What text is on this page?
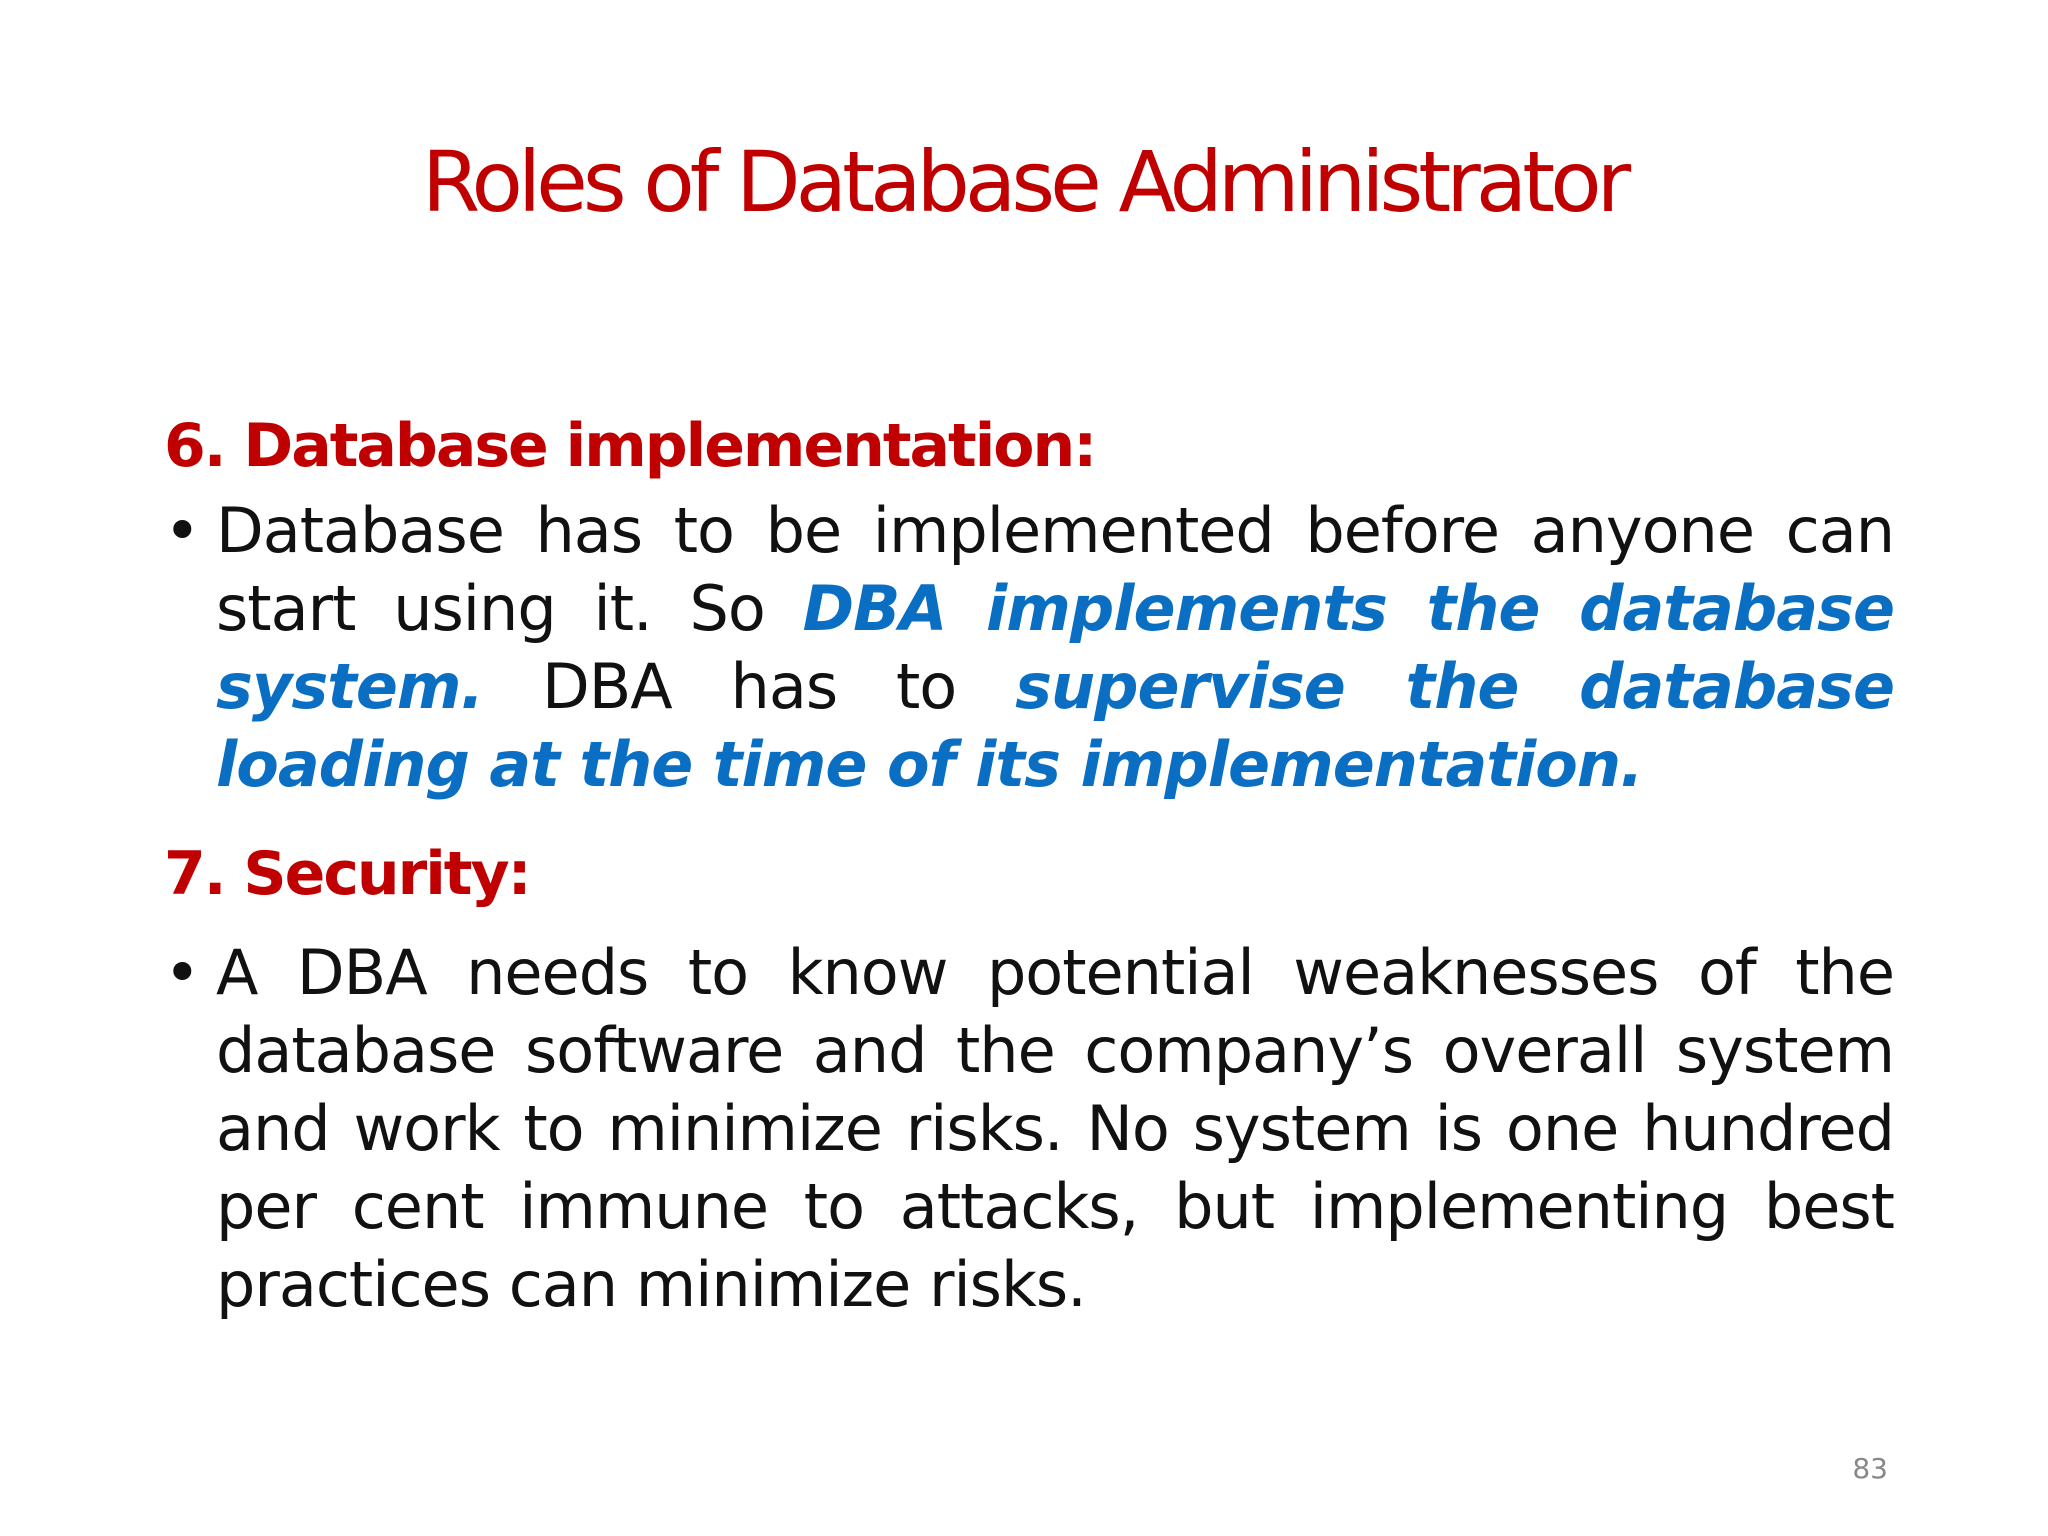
Roles of Database Administrator
6. Database implementation:

• Database has to be implemented before anyone can start using it. So DBA implements the database system. DBA has to supervise the database loading at the time of its implementation.

7. Security:

• A DBA needs to know potential weaknesses of the database software and the company’s overall system and work to minimize risks. No system is one hundred per cent immune to attacks, but implementing best practices can minimize risks.

83
